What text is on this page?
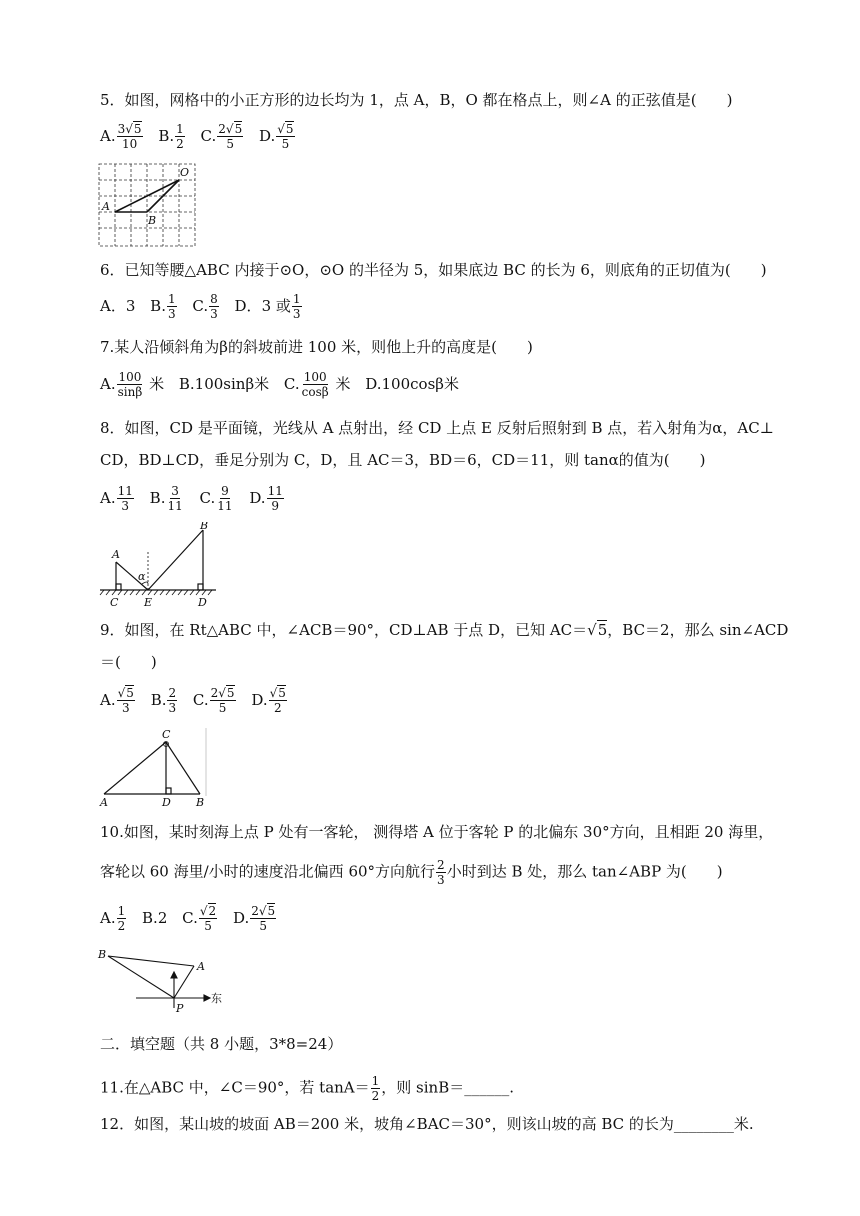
5．如图，网格中的小正方形的边长均为 1，点 A，B，O 都在格点上，则∠A 的正弦值是(　　)
A. $\frac{3√5}{10} B$. $\frac{1}{2} C$. $\frac{2√5}{5} D$. $\frac{√5}{5}$
O
A
B
6．已知等腰△ABC 内接于⊙O，⊙O 的半径为 5，如果底边 BC 的长为 6，则底角的正切值为(　　)
A．3 B. $\frac{1}{3} C$. $\frac{8}{3}$ D．3 或 $\frac{1}{3}$
7.某人沿倾斜角为β的斜坡前进 100 米，则他上升的高度是(　　)
A. $\frac{100}{\sin\beta}$ 米 B.100sinβ米 C. $\frac{100}{\cos\beta}$ 米 D.100cosβ米
8．如图，CD 是平面镜，光线从 A 点射出，经 CD 上点 E 反射后照射到 B 点，若入射角为α，AC⊥
CD，BD⊥CD，垂足分别为 C，D，且 AC＝3，BD＝6，CD＝11，则 tanα的值为(　　)
A. $\frac{11}{3} B$. $\frac{3}{11} C$. $\frac{9}{11} D$. $\frac{11}{9}$
A
B
C E	D
α
9．如图，在 Rt△ABC 中，∠ACB＝90°，CD⊥AB 于点 D，已知 AC＝√5，BC＝2，那么 sin∠ACD
＝(　　)
A. $\frac{√5}{3} B$. $\frac{2}{3} C$. $\frac{2√5}{5} D$. $\frac{√5}{2}$
C
A	D B
10.如图，某时刻海上点 P 处有一客轮， 测得塔 A 位于客轮 P 的北偏东 30°方向，且相距 20 海里，
客轮以 60 海里/小时的速度沿北偏西 60°方向航行 $\frac{2}{3}$ 小时到达 B 处，那么 tan∠ABP 为(　　)
A. $\frac{1}{2} B.2$ C. $\frac{√2}{5} D$. $\frac{2√5}{5}$
B
A
P
东
二．填空题（共 8 小题，3*8=24）
11.在△ABC 中，∠C＝90°，若 $\tan A= \frac{1}{2}$ ，则 sinB＝______.
12．如图，某山坡的坡面 AB＝200 米，坡角∠BAC＝30°，则该山坡的高 BC 的长为________米.
